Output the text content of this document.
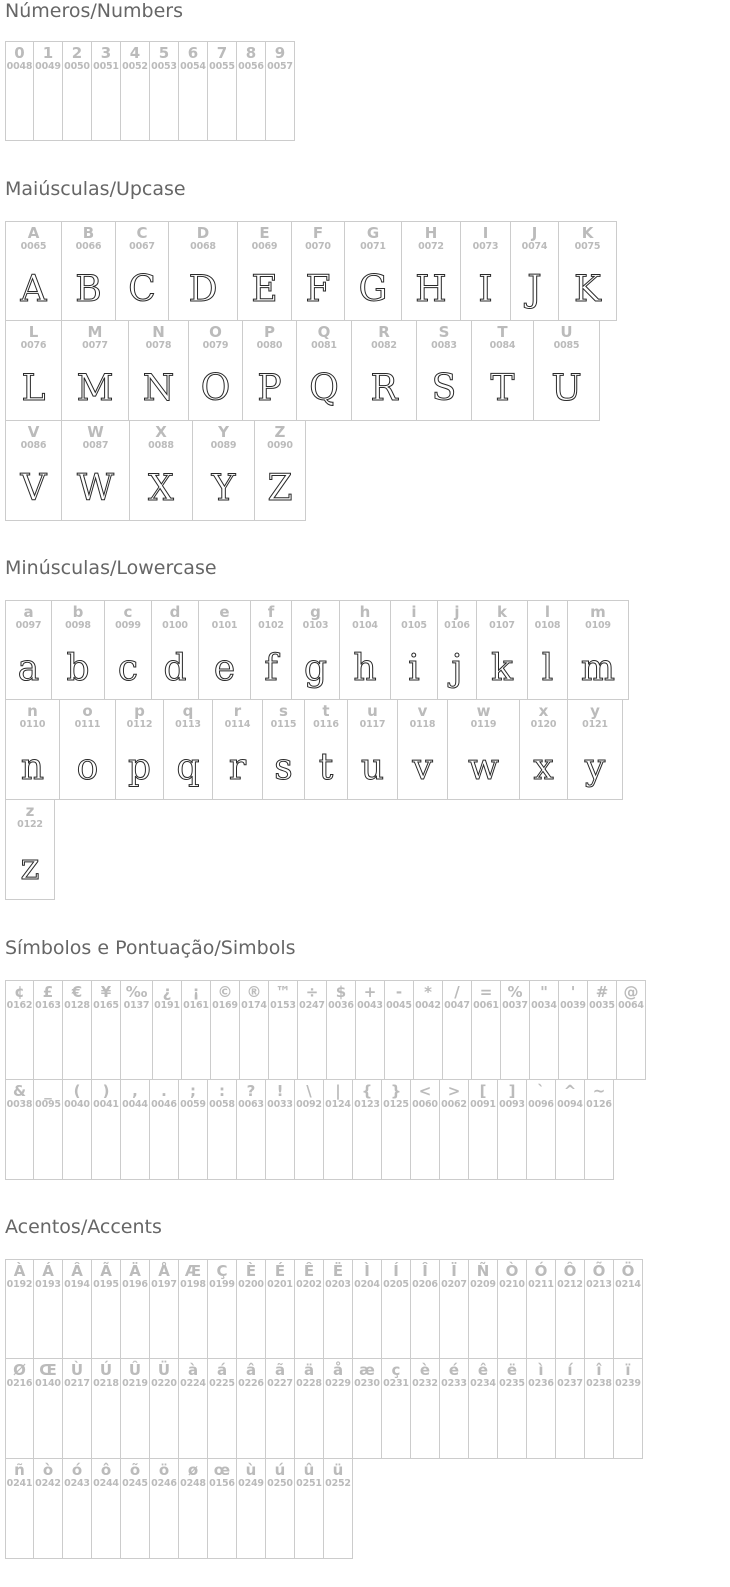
Números/Numbers
0
0048
1
0049
2
0050
3
0051
4
0052
5
0053
6
0054
7
0055
8
0056
9
0057
Maiúsculas/Upcase
A
0065
A
B
0066
B
C
0067
C
D
0068
D
E
0069
E
F
0070
F
G
0071
G
H
0072
H
I
0073
I
J
0074
J
K
0075
K
L
0076
L
M
0077
M
N
0078
N
O
0079
O
P
0080
P
Q
0081
Q
R
0082
R
S
0083
S
T
0084
T
U
0085
U
V
0086
V
W
0087
W
X
0088
X
Y
0089
Y
Z
0090
Z
Minúsculas/Lowercase
a
0097
a
b
0098
b
c
0099
c
d
0100
d
e
0101
e
f
0102
f
g
0103
g
h
0104
h
i
0105
i
j
0106
j
k
0107
k
l
0108
l
m
0109
m
n
0110
n
o
0111
o
p
0112
p
q
0113
q
r
0114
r
s
0115
s
t
0116
t
u
0117
u
v
0118
v
w
0119
w
x
0120
x
y
0121
y
z
0122
z
Símbolos e Pontuação/Simbols
¢
0162
£
0163
€
0128
¥
0165
‰
0137
¿
0191
¡
0161
©
0169
®
0174
™
0153
÷
0247
$
0036
+
0043
-
0045
*
0042
/
0047
=
0061
%
0037
"
0034
'
0039
#
0035
@
0064
&
0038
_
0095
(
0040
)
0041
,
0044
.
0046
;
0059
:
0058
?
0063
!
0033
\
0092
|
0124
{
0123
}
0125
<
0060
>
0062
[
0091
]
0093
`
0096
^
0094
~
0126
Acentos/Accents
À
0192
Á
0193
Â
0194
Ã
0195
Ä
0196
Å
0197
Æ
0198
Ç
0199
È
0200
É
0201
Ê
0202
Ë
0203
Ì
0204
Í
0205
Î
0206
Ï
0207
Ñ
0209
Ò
0210
Ó
0211
Ô
0212
Õ
0213
Ö
0214
Ø
0216
Œ
0140
Ù
0217
Ú
0218
Û
0219
Ü
0220
à
0224
á
0225
â
0226
ã
0227
ä
0228
å
0229
æ
0230
ç
0231
è
0232
é
0233
ê
0234
ë
0235
ì
0236
í
0237
î
0238
ï
0239
ñ
0241
ò
0242
ó
0243
ô
0244
õ
0245
ö
0246
ø
0248
œ
0156
ù
0249
ú
0250
û
0251
ü
0252
